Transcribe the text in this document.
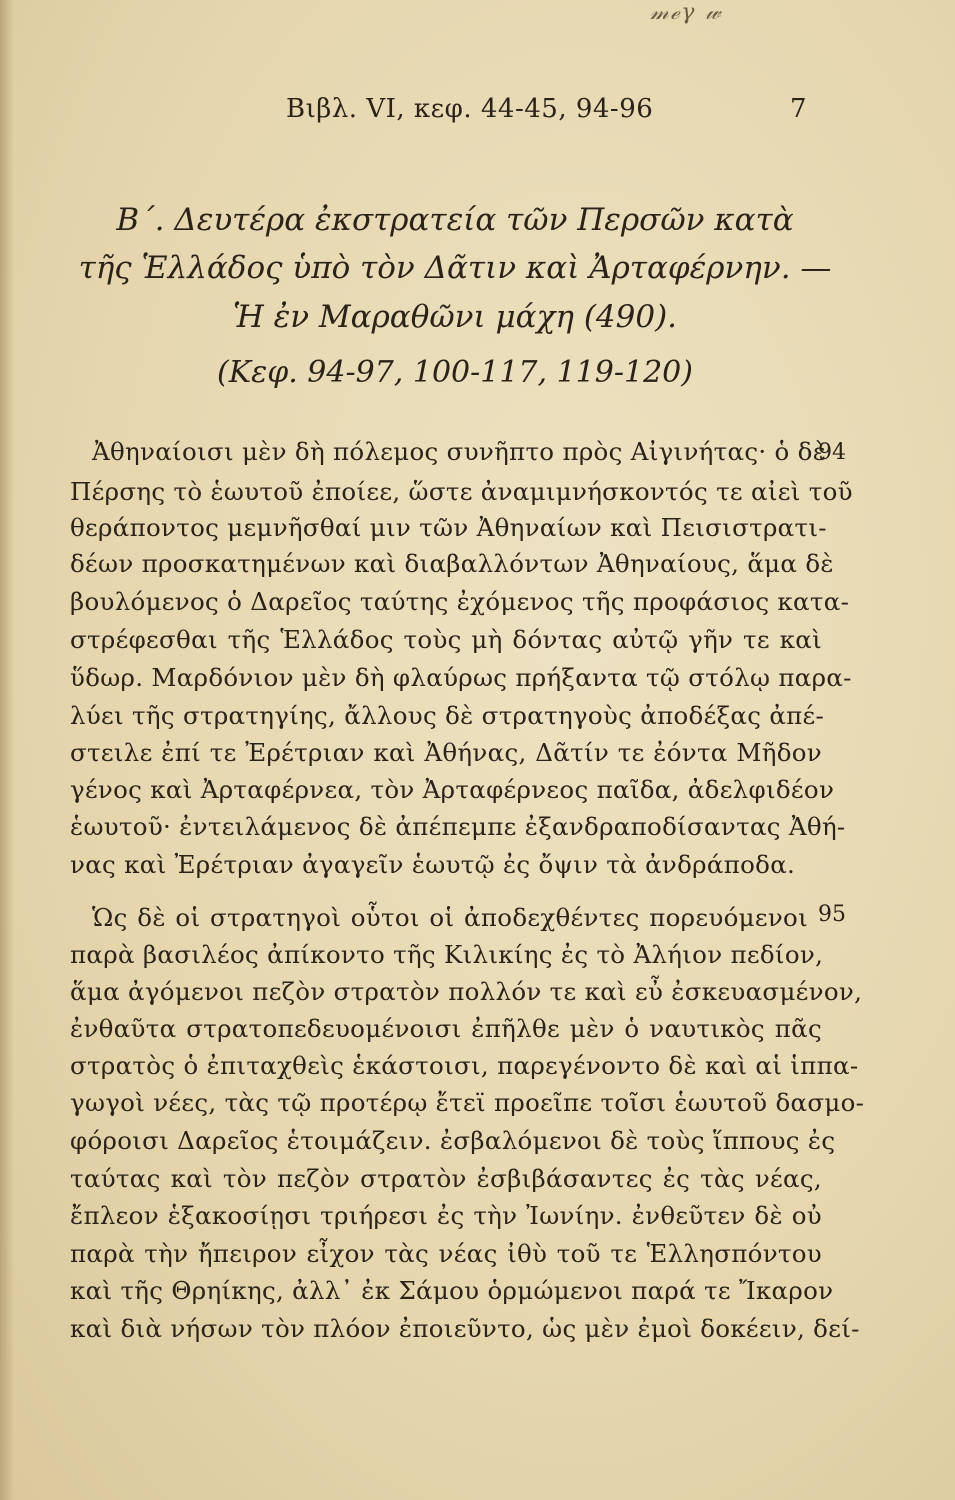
𝓂ℯγ 𝓌
Βιβλ. VI, κεφ. 44-45, 94-96	7
Β΄. Δευτέρα ἐκστρατεία τῶν Περσῶν κατὰ
τῆς Ἑλλάδος ὑπὸ τὸν Δᾶτιν καὶ Ἀρταφέρνην. —
Ἡ ἐν Μαραθῶνι μάχη (490).
(Κεφ. 94-97, 100-117, 119-120)
94
95
Ἀθηναίοισι μὲν δὴ πόλεμος συνῆπτο πρὸς Αἰγινήτας· ὁ δὲ
Πέρσης τὸ ἑωυτοῦ ἐποίεε, ὥστε ἀναμιμνήσκοντός τε αἰεὶ τοῦ
θεράποντος μεμνῆσθαί μιν τῶν Ἀθηναίων καὶ Πεισιστρατι-
δέων προσκατημένων καὶ διαβαλλόντων Ἀθηναίους, ἅμα δὲ
βουλόμενος ὁ Δαρεῖος ταύτης ἐχόμενος τῆς προφάσιος κατα-
στρέφεσθαι τῆς Ἑλλάδος τοὺς μὴ δόντας αὐτῷ γῆν τε καὶ
ὕδωρ. Μαρδόνιον μὲν δὴ φλαύρως πρήξαντα τῷ στόλῳ παρα-
λύει τῆς στρατηγίης, ἄλλους δὲ στρατηγοὺς ἀποδέξας ἀπέ-
στειλε ἐπί τε Ἐρέτριαν καὶ Ἀθήνας, Δᾶτίν τε ἐόντα Μῆδον
γένος καὶ Ἀρταφέρνεα, τὸν Ἀρταφέρνεος παῖδα, ἀδελφιδέον
ἑωυτοῦ· ἐντειλάμενος δὲ ἀπέπεμπε ἐξανδραποδίσαντας Ἀθή-
νας καὶ Ἐρέτριαν ἀγαγεῖν ἑωυτῷ ἐς ὄψιν τὰ ἀνδράποδα.
Ὡς δὲ οἱ στρατηγοὶ οὗτοι οἱ ἀποδεχθέντες πορευόμενοι
παρὰ βασιλέος ἀπίκοντο τῆς Κιλικίης ἐς τὸ Ἀλήιον πεδίον,
ἅμα ἀγόμενοι πεζὸν στρατὸν πολλόν τε καὶ εὖ ἐσκευασμένον,
ἐνθαῦτα στρατοπεδευομένοισι ἐπῆλθε μὲν ὁ ναυτικὸς πᾶς
στρατὸς ὁ ἐπιταχθεὶς ἑκάστοισι, παρεγένοντο δὲ καὶ αἱ ἱππα-
γωγοὶ νέες, τὰς τῷ προτέρῳ ἔτεϊ προεῖπε τοῖσι ἑωυτοῦ δασμο-
φόροισι Δαρεῖος ἑτοιμάζειν. ἐσβαλόμενοι δὲ τοὺς ἵππους ἐς
ταύτας καὶ τὸν πεζὸν στρατὸν ἐσβιβάσαντες ἐς τὰς νέας,
ἔπλεον ἑξακοσίῃσι τριήρεσι ἐς τὴν Ἰωνίην. ἐνθεῦτεν δὲ οὐ
παρὰ τὴν ἤπειρον εἶχον τὰς νέας ἰθὺ τοῦ τε Ἑλλησπόντου
καὶ τῆς Θρηίκης, ἀλλ᾽ ἐκ Σάμου ὁρμώμενοι παρά τε Ἴκαρον
καὶ διὰ νήσων τὸν πλόον ἐποιεῦντο, ὡς μὲν ἐμοὶ δοκέειν, δεί-
